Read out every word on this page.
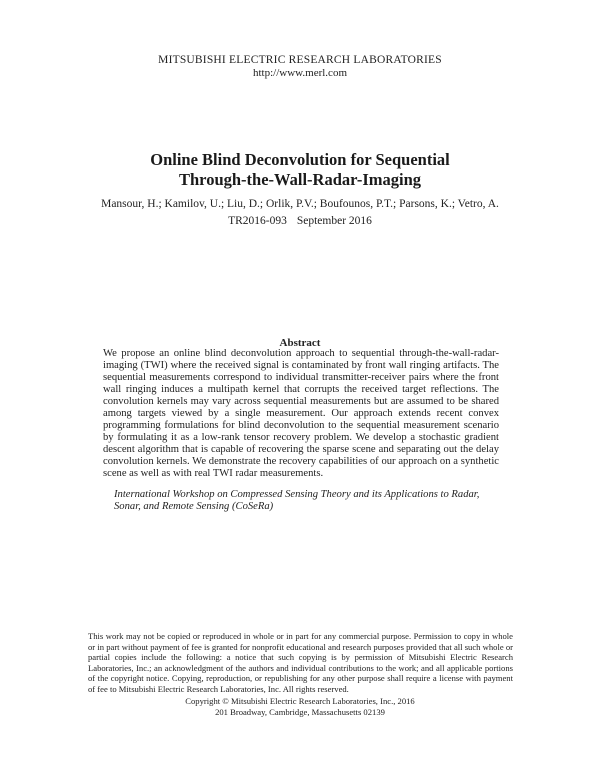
MITSUBISHI ELECTRIC RESEARCH LABORATORIES
http://www.merl.com
Online Blind Deconvolution for Sequential
Through-the-Wall-Radar-Imaging
Mansour, H.; Kamilov, U.; Liu, D.; Orlik, P.V.; Boufounos, P.T.; Parsons, K.; Vetro, A.
TR2016-093 September 2016
Abstract

We propose an online blind deconvolution approach to sequential through-the-wall-radar-imaging (TWI) where the received signal is contaminated by front wall ringing artifacts. The sequential measurements correspond to individual transmitter-receiver pairs where the front wall ringing induces a multipath kernel that corrupts the received target reflections. The convolution kernels may vary across sequential measurements but are assumed to be shared among targets viewed by a single measurement. Our approach extends recent convex programming formulations for blind deconvolution to the sequential measurement scenario by formulating it as a low-rank tensor recovery problem. We develop a stochastic gradient descent algorithm that is capable of recovering the sparse scene and separating out the delay convolution kernels. We demonstrate the recovery capabilities of our approach on a synthetic scene as well as with real TWI radar measurements.

International Workshop on Compressed Sensing Theory and its Applications to Radar, Sonar, and Remote Sensing (CoSeRa)

This work may not be copied or reproduced in whole or in part for any commercial purpose. Permission to copy in whole or in part without payment of fee is granted for nonprofit educational and research purposes provided that all such whole or partial copies include the following: a notice that such copying is by permission of Mitsubishi Electric Research Laboratories, Inc.; an acknowledgment of the authors and individual contributions to the work; and all applicable portions of the copyright notice. Copying, reproduction, or republishing for any other purpose shall require a license with payment of fee to Mitsubishi Electric Research Laboratories, Inc. All rights reserved.

Copyright © Mitsubishi Electric Research Laboratories, Inc., 2016
201 Broadway, Cambridge, Massachusetts 02139
